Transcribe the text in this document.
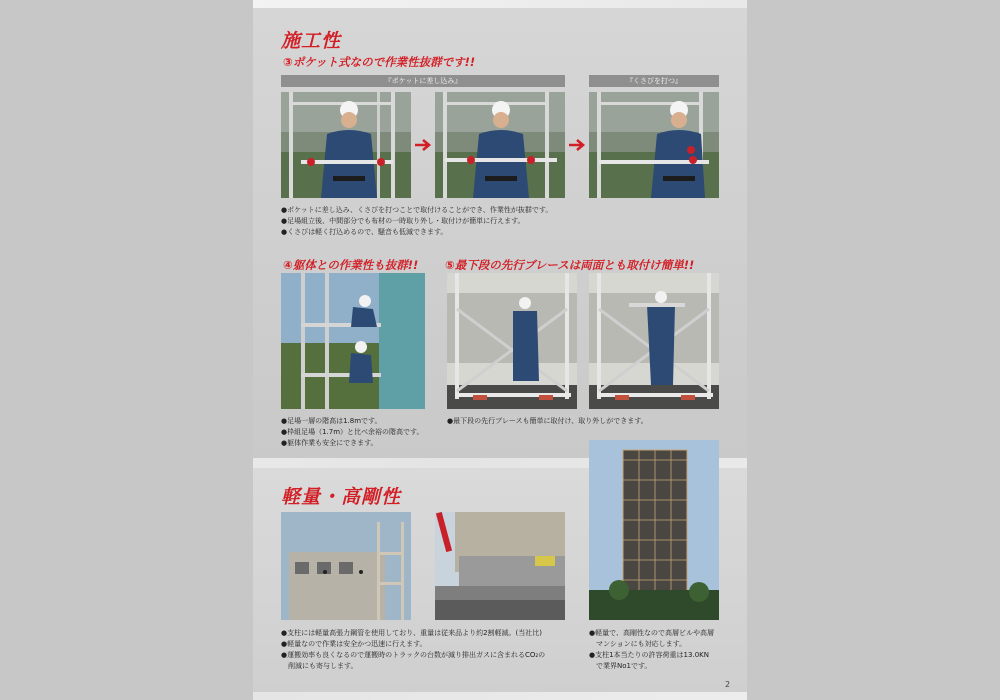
施工性
③ポケット式なので作業性抜群です!!
『ポケットに差し込み』	『くさびを打つ』
●ポケットに差し込み、くさびを打つことで取付けることができ、作業性が抜群です。
●足場組立後、中間部分でも布材の一時取り外し・取付けが簡単に行えます。
●くさびは軽く打込めるので、騒音も低減できます。
④躯体との作業性も抜群!! ⑤最下段の先行ブレースは両面とも取付け簡単!!
●足場一層の階高は1.8mです。
●枠組足場（1.7m）と比べ余裕の階高です。
●躯体作業も安全にできます。
●最下段の先行ブレースも簡単に取付け、取り外しができます。
軽量・高剛性
●支柱には軽量高張力鋼管を使用しており、重量は従来品より約2割軽減。(当社比)
●軽量なので作業は安全かつ迅速に行えます。
●運搬効率も良くなるので運搬時のトラックの台数が減り排出ガスに含まれるCO₂の
　削減にも寄与します。
●軽量で、高剛性なので高層ビルや高層
　マンションにも対応します。
●支柱1本当たりの許容荷重は13.0KN
　で業界No1です。
2
